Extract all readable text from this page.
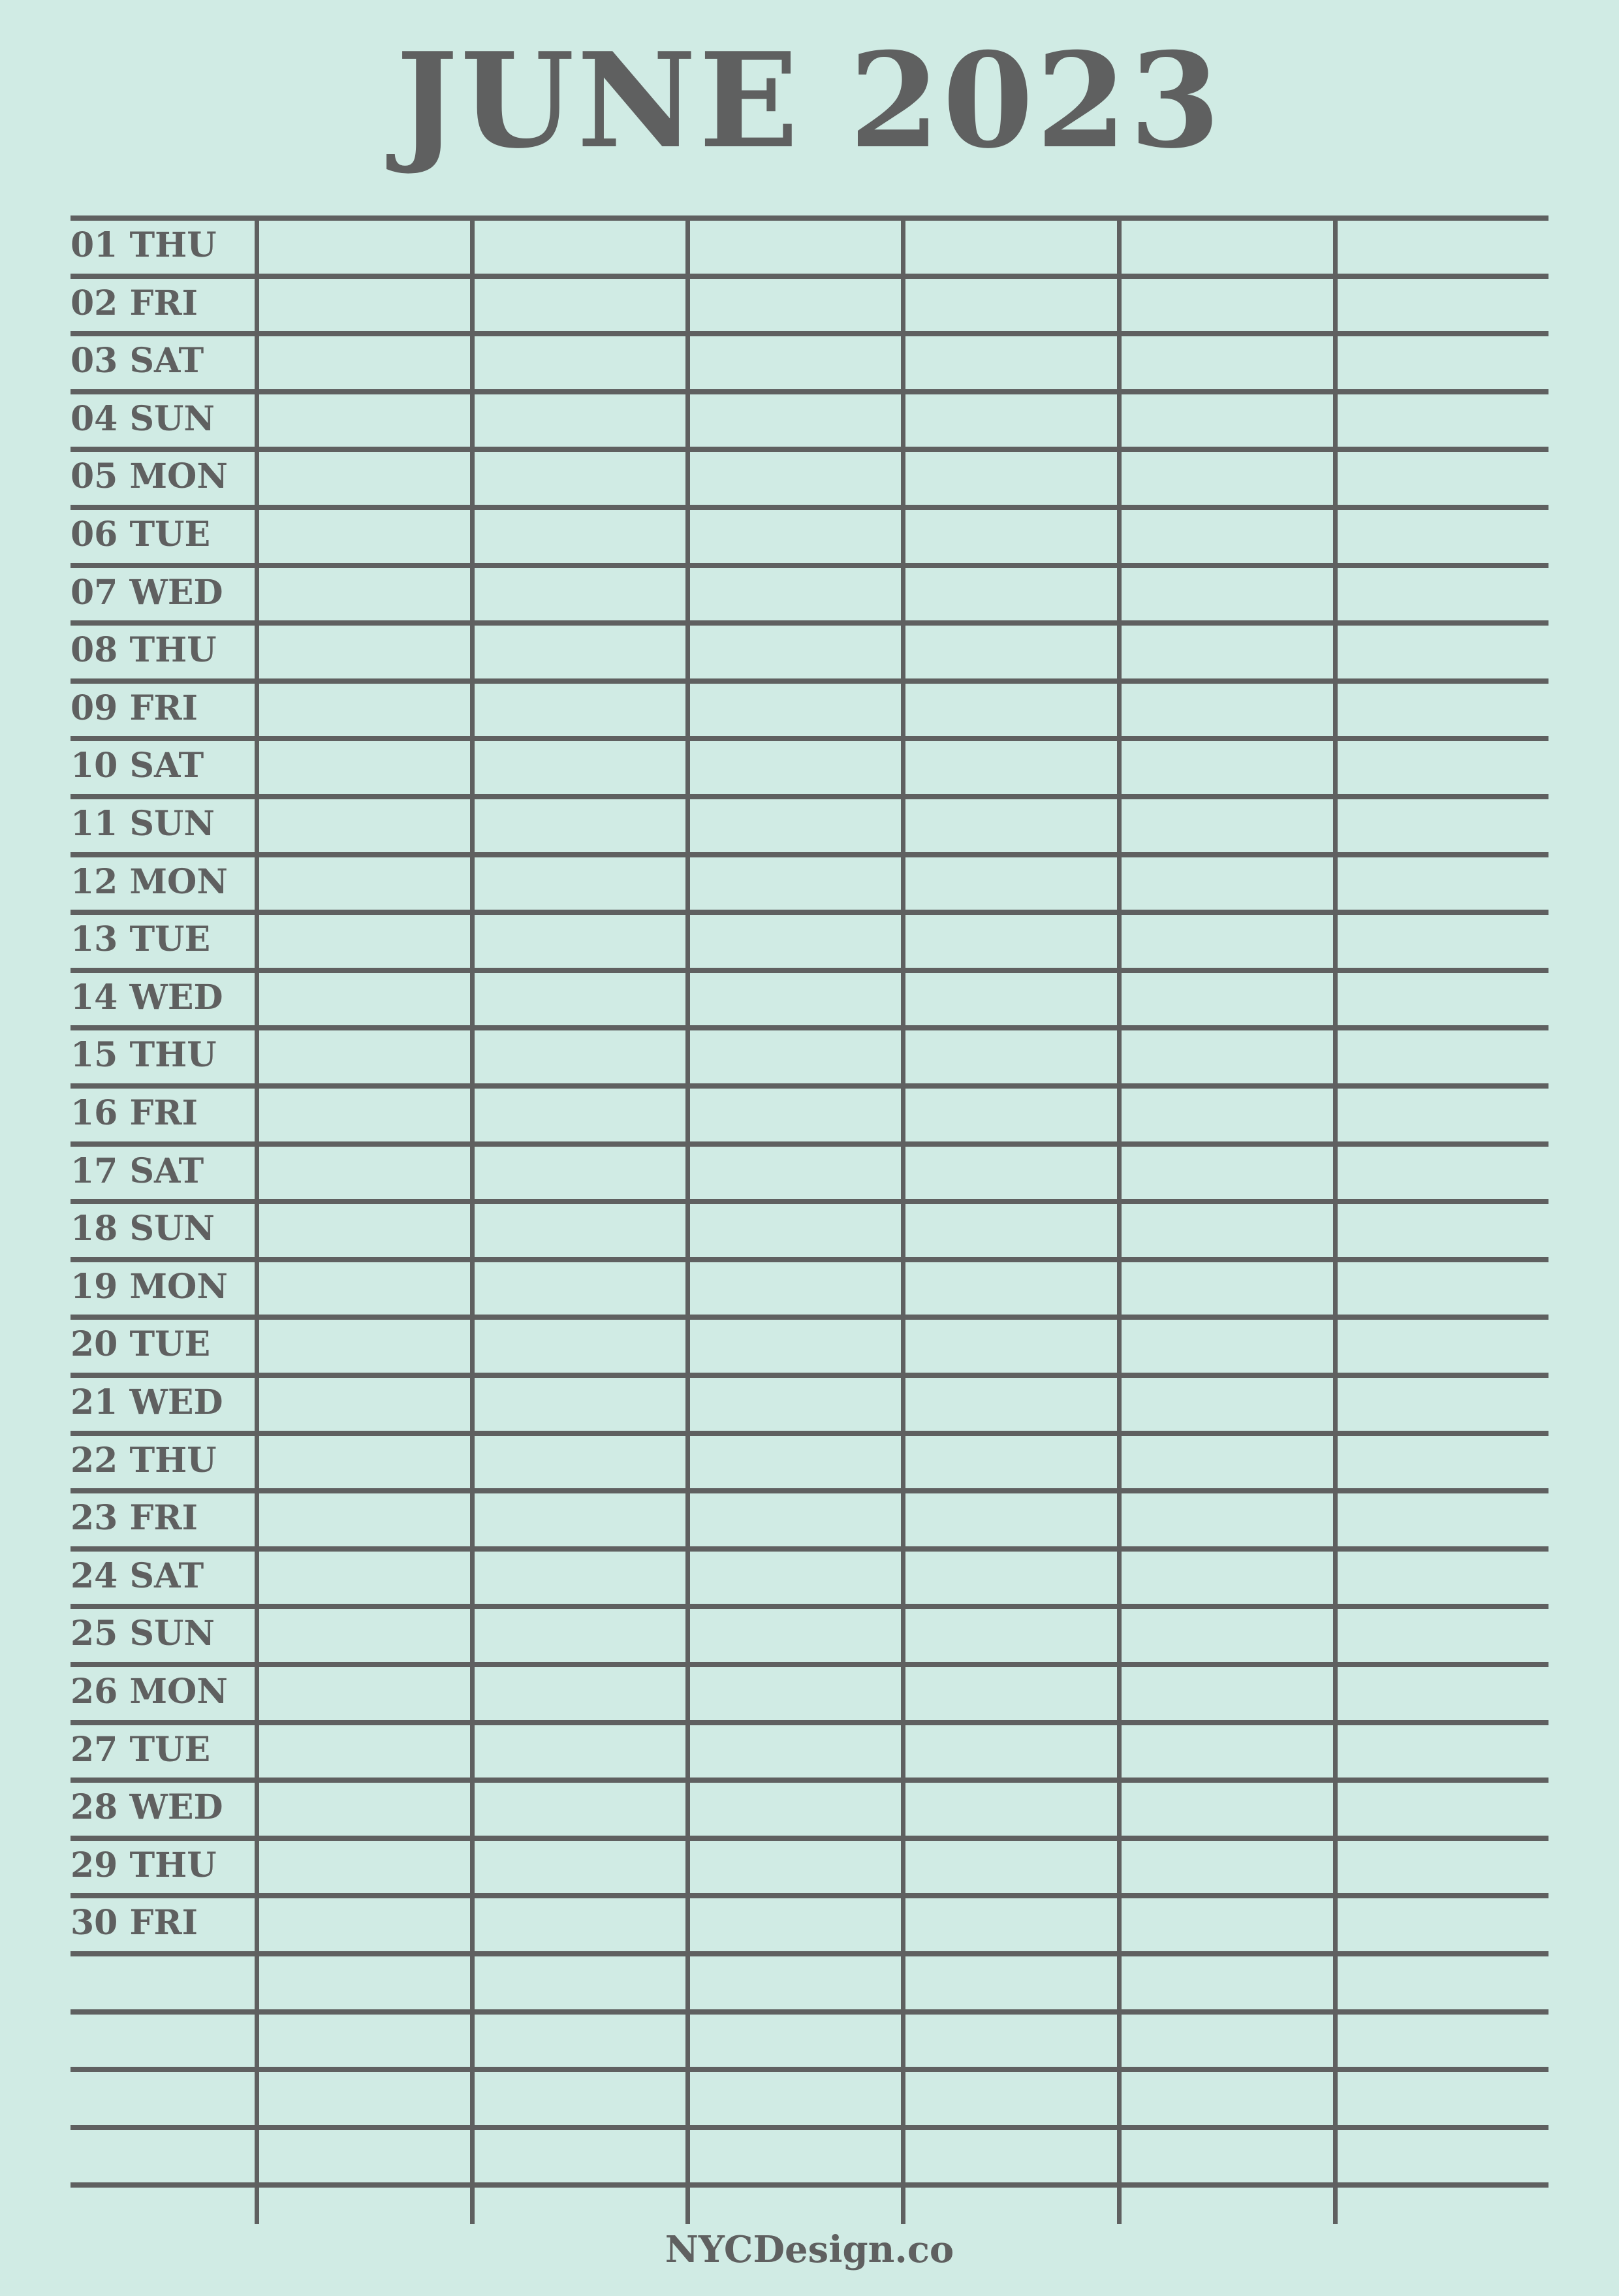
JUNE 2023
01 THU
02 FRI
03 SAT
04 SUN
05 MON
06 TUE
07 WED
08 THU
09 FRI
10 SAT
11 SUN
12 MON
13 TUE
14 WED
15 THU
16 FRI
17 SAT
18 SUN
19 MON
20 TUE
21 WED
22 THU
23 FRI
24 SAT
25 SUN
26 MON
27 TUE
28 WED
29 THU
30 FRI
NYCDesign.co
